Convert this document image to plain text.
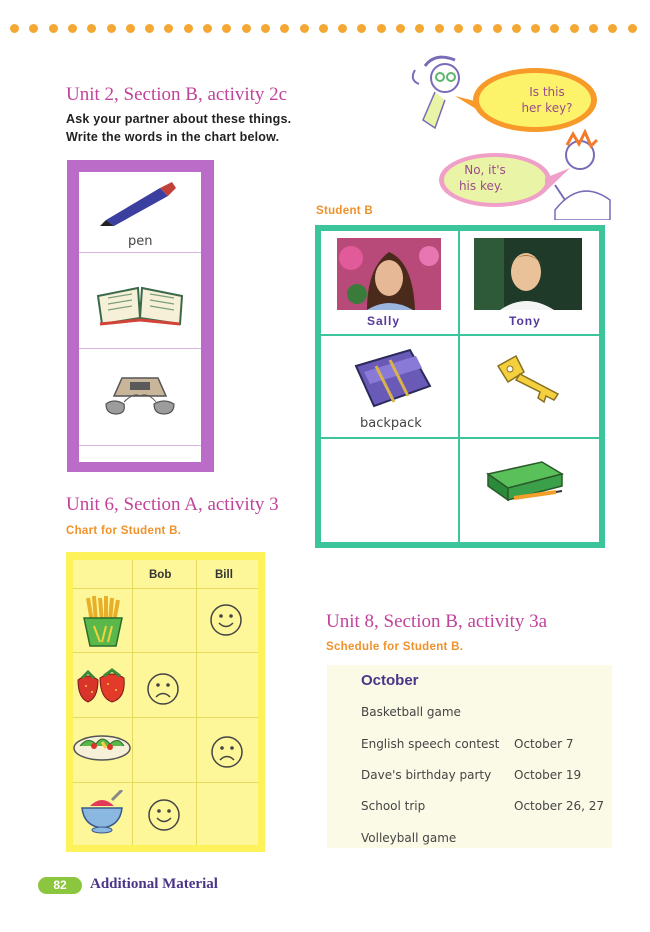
Unit 2, Section B, activity 2c
Ask your partner about these things.
Write the words in the chart below.
Is this
her key?
No, it's
his key.
pen
Student B
Sally	Tony
backpack
Unit 6, Section A, activity 3
Chart for Student B.
Bob	Bill
Unit 8, Section B, activity 3a
Schedule for Student B.
October
Basketball game
English speech contest October 7
Dave's birthday party October 19
School trip	October 26, 27
Volleyball game
82	Additional Material
